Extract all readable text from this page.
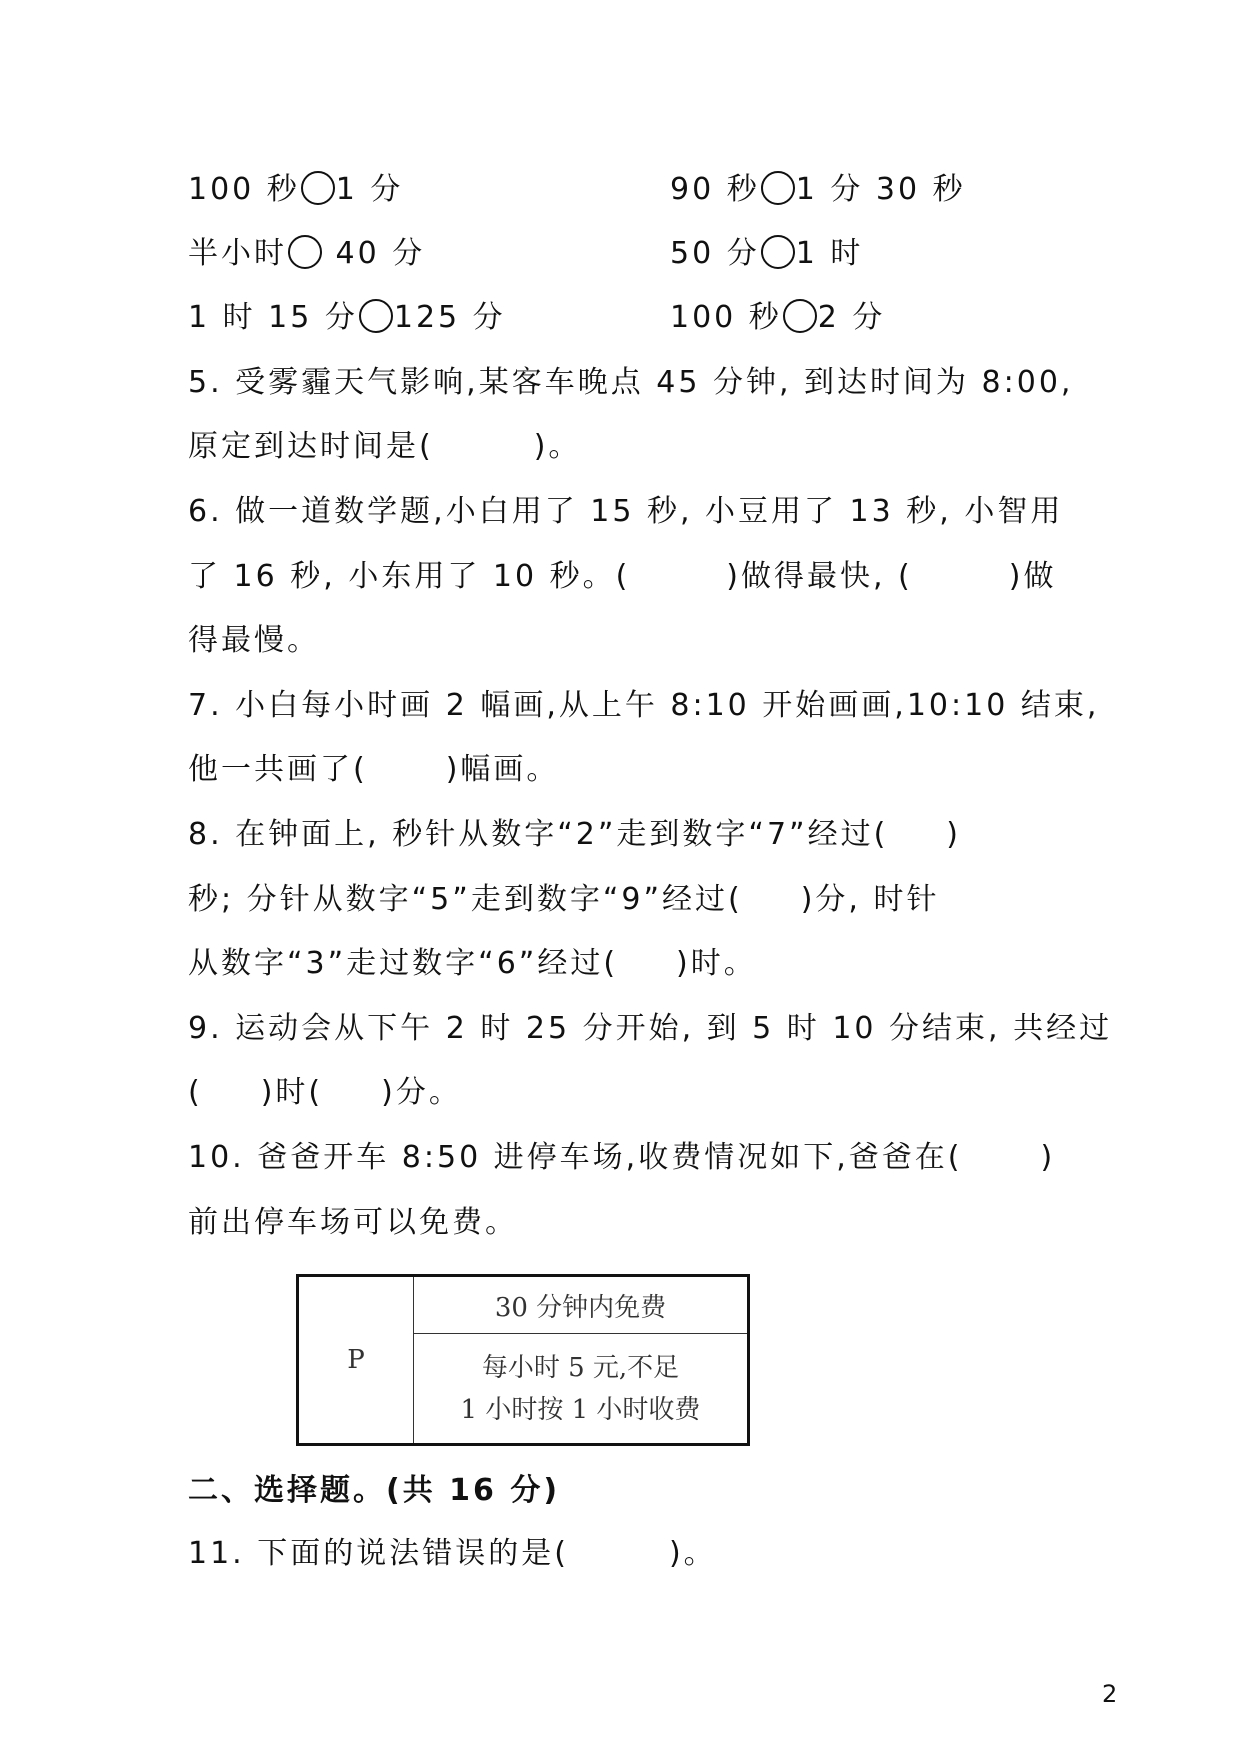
100 秒 1 分	90 秒 1 分 30 秒
半小时 40 分	50 分 1 时
1 时 15 分 125 分	100 秒 2 分
5. 受雾霾天气影响,某客车晚点 45 分钟, 到达时间为 8:00,
原定到达时间是(	)。
6. 做一道数学题,小白用了 15 秒, 小豆用了 13 秒, 小智用
了 16 秒, 小东用了 10 秒。(	)做得最快, (	)做
得最慢。
7. 小白每小时画 2 幅画,从上午 8:10 开始画画,10:10 结束,
他一共画了(	)幅画。
8. 在钟面上, 秒针从数字“2”走到数字“7”经过( )
秒; 分针从数字“5”走到数字“9”经过( )分, 时针
从数字“3”走过数字“6”经过( )时。
9. 运动会从下午 2 时 25 分开始, 到 5 时 10 分结束, 共经过
( )时( )分。
10. 爸爸开车 8:50 进停车场,收费情况如下,爸爸在(	)
前出停车场可以免费。
P
30 分钟内免费
每小时 5 元,不足
1 小时按 1 小时收费
二、选择题。(共 16 分)
11. 下面的说法错误的是(	)。
2
